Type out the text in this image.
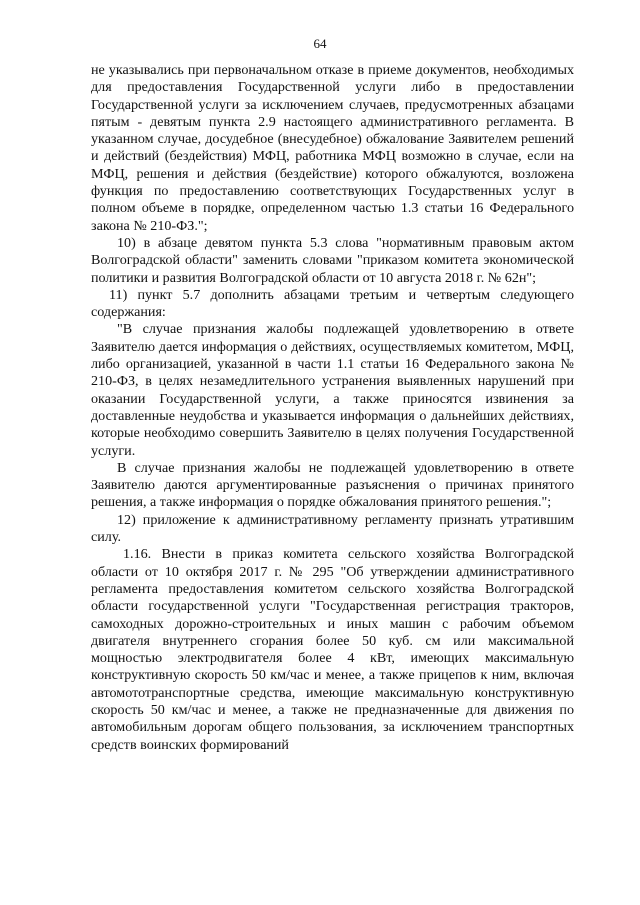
64

не указывались при первоначальном отказе в приеме документов, необходимых для предоставления Государственной услуги либо в предоставлении Государственной услуги за исключением случаев, предусмотренных абзацами пятым - девятым пункта 2.9 настоящего административного регламента. В указанном случае, досудебное (внесудебное) обжалование Заявителем решений и действий (бездействия) МФЦ, работника МФЦ возможно в случае, если на МФЦ, решения и действия (бездействие) которого обжалуются, возложена функция по предоставлению соответствующих Государственных услуг в полном объеме в порядке, определенном частью 1.3 статьи 16 Федерального закона № 210-ФЗ.";

10) в абзаце девятом пункта 5.3 слова "нормативным правовым актом Волгоградской области" заменить словами "приказом комитета экономической политики и развития Волгоградской области от 10 августа 2018 г. № 62н";

11) пункт 5.7 дополнить абзацами третьим и четвертым следующего содержания:

"В случае признания жалобы подлежащей удовлетворению в ответе Заявителю дается информация о действиях, осуществляемых комитетом, МФЦ, либо организацией, указанной в части 1.1 статьи 16 Федерального закона № 210-ФЗ, в целях незамедлительного устранения выявленных нарушений при оказании Государственной услуги, а также приносятся извинения за доставленные неудобства и указывается информация о дальнейших действиях, которые необходимо совершить Заявителю в целях получения Государственной услуги.

В случае признания жалобы не подлежащей удовлетворению в ответе Заявителю даются аргументированные разъяснения о причинах принятого решения, а также информация о порядке обжалования принятого решения.";

12) приложение к административному регламенту признать утратившим силу.

1.16. Внести в приказ комитета сельского хозяйства Волгоградской области от 10 октября 2017 г. № 295 "Об утверждении административного регламента предоставления комитетом сельского хозяйства Волгоградской области государственной услуги "Государственная регистрация тракторов, самоходных дорожно-строительных и иных машин с рабочим объемом двигателя внутреннего сгорания более 50 куб. см или максимальной мощностью электродвигателя более 4 кВт, имеющих максимальную конструктивную скорость 50 км/час и менее, а также прицепов к ним, включая автомототранспортные средства, имеющие максимальную конструктивную скорость 50 км/час и менее, а также не предназначенные для движения по автомобильным дорогам общего пользования, за исключением транспортных средств воинских формирований
